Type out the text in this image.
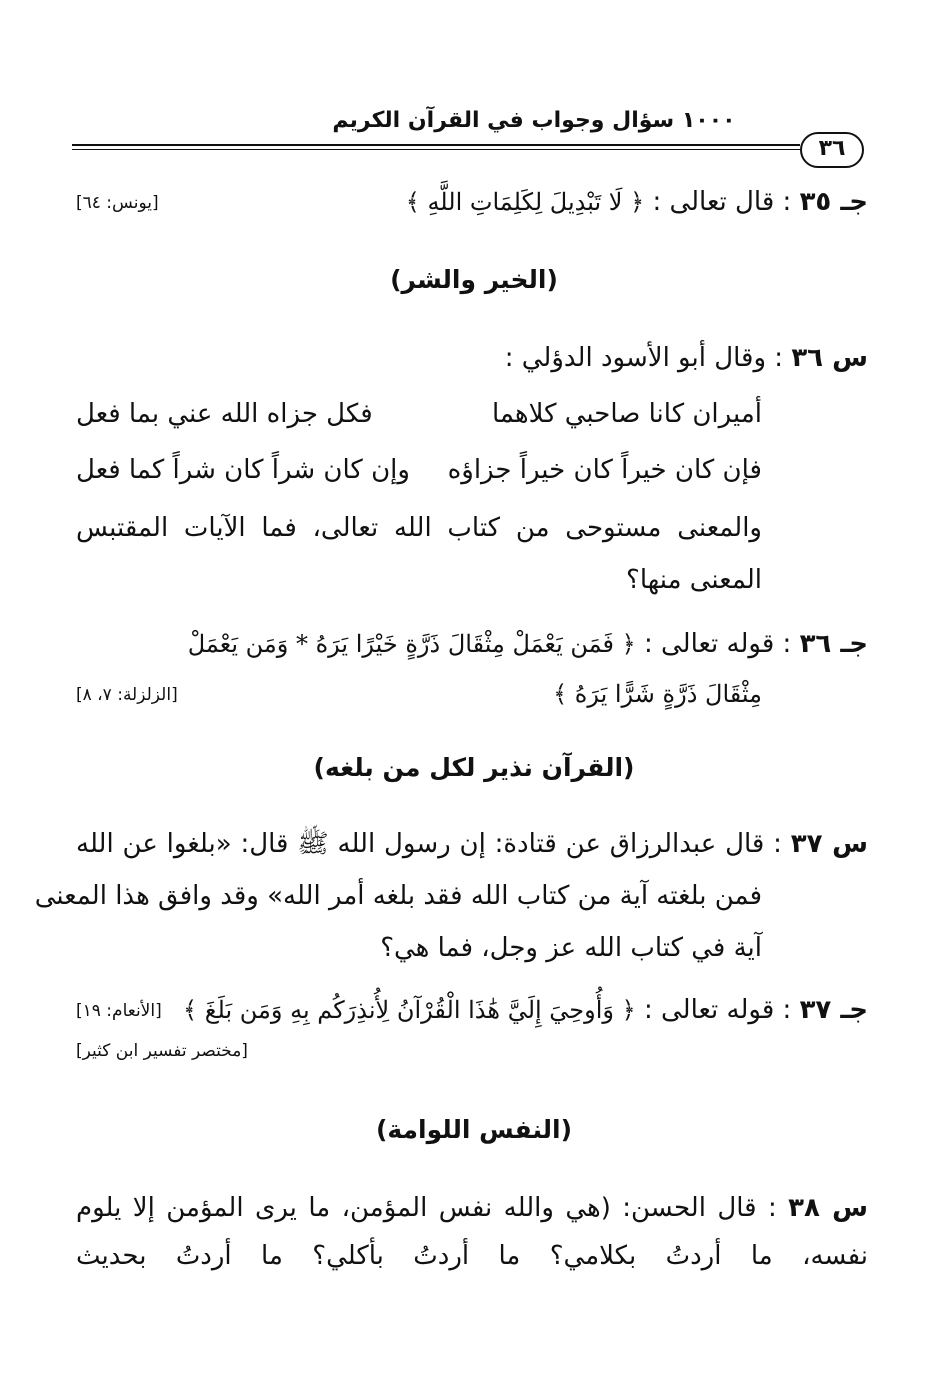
١٠٠٠ سؤال وجواب في القرآن الكريم
٣٦
جـ ٣٥ : قال تعالى : ﴿ لَا تَبْدِيلَ لِكَلِمَاتِ اللَّهِ ﴾
[يونس: ٦٤]
(الخير والشر)
س ٣٦ : وقال أبو الأسود الدؤلي :
أميران كانا صاحبي كلاهما
فكل جزاه الله عني بما فعل
فإن كان خيراً كان خيراً جزاؤه
وإن كان شراً كان شراً كما فعل
والمعنى مستوحى من كتاب الله تعالى، فما الآيات المقتبس
المعنى منها؟
جـ ٣٦ : قوله تعالى : ﴿ فَمَن يَعْمَلْ مِثْقَالَ ذَرَّةٍ خَيْرًا يَرَهُ * وَمَن يَعْمَلْ
مِثْقَالَ ذَرَّةٍ شَرًّا يَرَهُ ﴾
[الزلزلة: ٧، ٨]
(القرآن نذير لكل من بلغه)
س ٣٧ : قال عبدالرزاق عن قتادة: إن رسول الله ﷺ قال: «بلغوا عن الله
فمن بلغته آية من كتاب الله فقد بلغه أمر الله» وقد وافق هذا المعنى
آية في كتاب الله عز وجل، فما هي؟
جـ ٣٧ : قوله تعالى : ﴿ وَأُوحِيَ إِلَيَّ هَٰذَا الْقُرْآنُ لِأُنذِرَكُم بِهِ وَمَن بَلَغَ ﴾
[الأنعام: ١٩]
[مختصر تفسير ابن كثير]
(النفس اللوامة)
س ٣٨ : قال الحسن: (هي والله نفس المؤمن، ما يرى المؤمن إلا يلوم
نفسه، ما أردتُ بكلامي؟ ما أردتُ بأكلي؟ ما أردتُ بحديث
